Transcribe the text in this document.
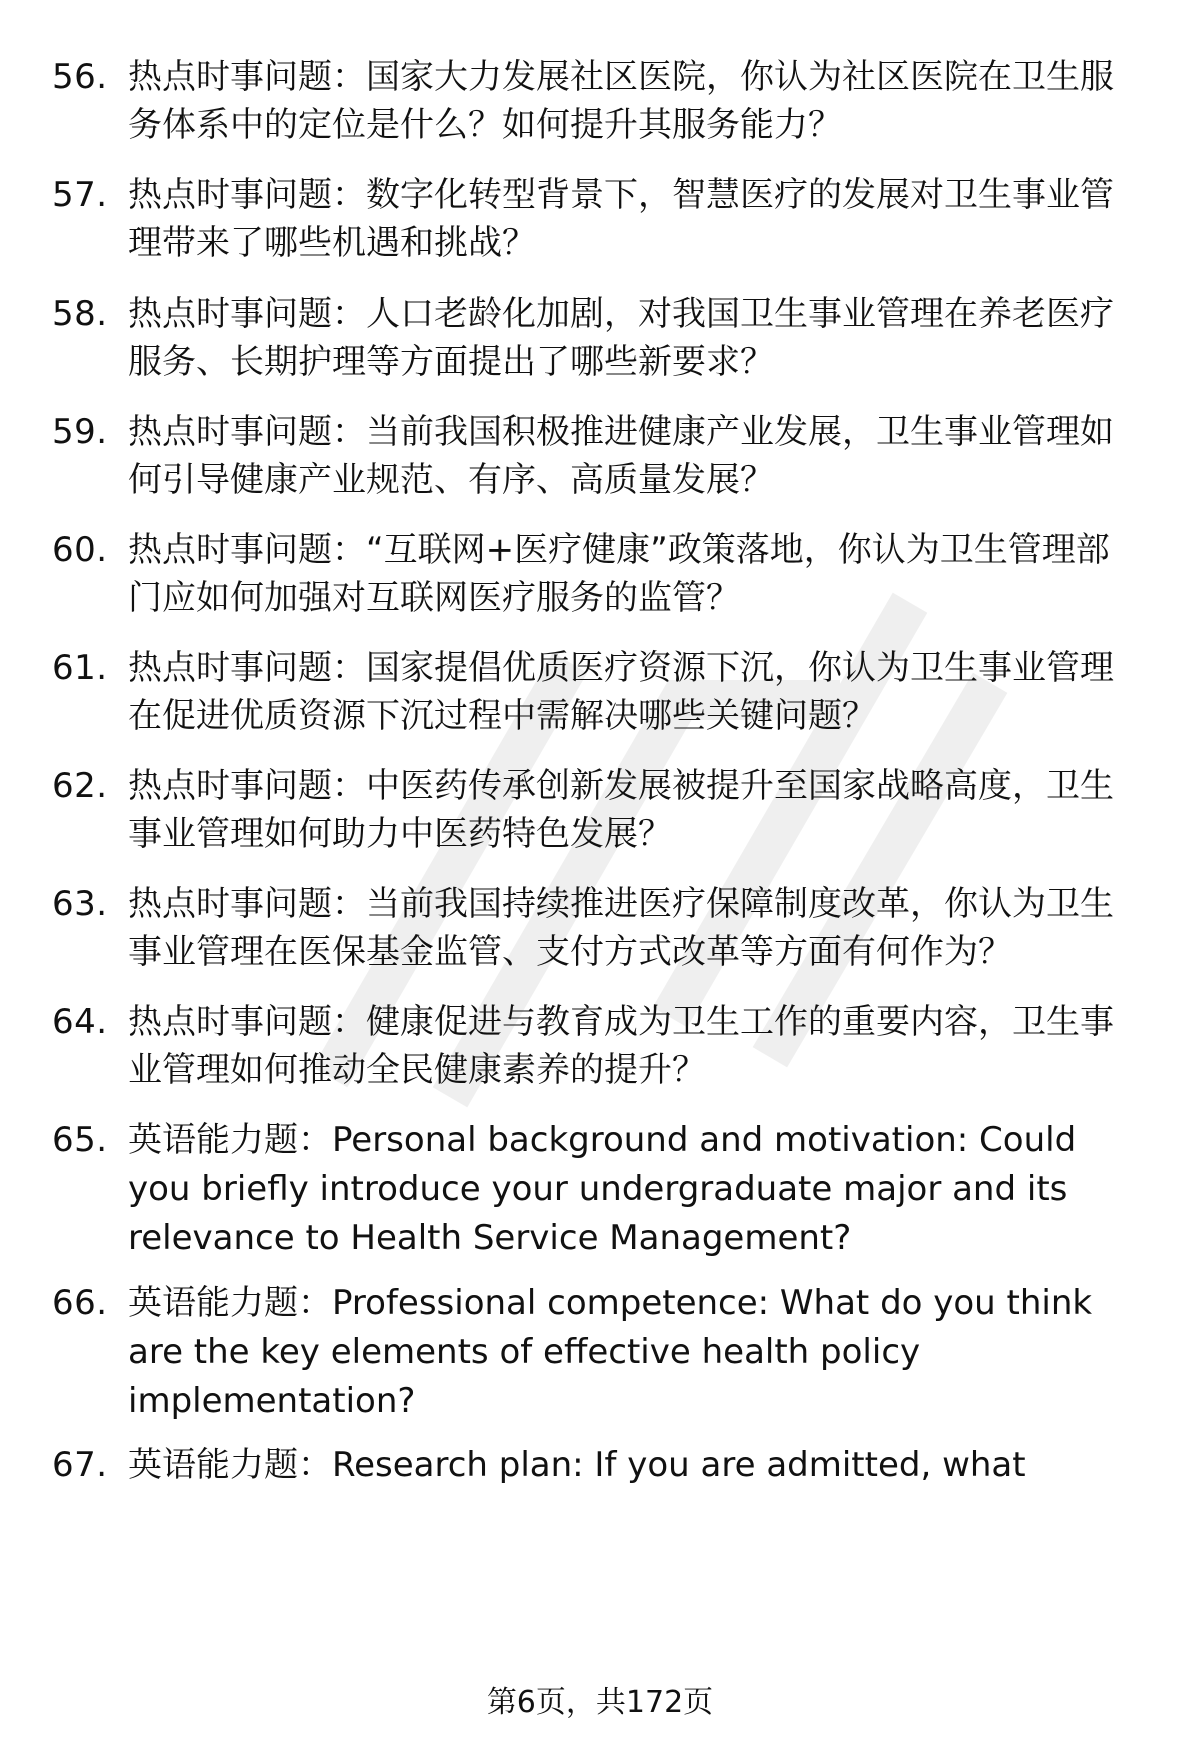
56. 热点时事问题：国家大力发展社区医院，你认为社区医院在卫生服务体系中的定位是什么？如何提升其服务能力？
57. 热点时事问题：数字化转型背景下，智慧医疗的发展对卫生事业管理带来了哪些机遇和挑战？
58. 热点时事问题：人口老龄化加剧，对我国卫生事业管理在养老医疗服务、长期护理等方面提出了哪些新要求？
59. 热点时事问题：当前我国积极推进健康产业发展，卫生事业管理如何引导健康产业规范、有序、高质量发展？
60. 热点时事问题：“互联网+医疗健康”政策落地，你认为卫生管理部门应如何加强对互联网医疗服务的监管？
61. 热点时事问题：国家提倡优质医疗资源下沉，你认为卫生事业管理在促进优质资源下沉过程中需解决哪些关键问题？
62. 热点时事问题：中医药传承创新发展被提升至国家战略高度，卫生事业管理如何助力中医药特色发展？
63. 热点时事问题：当前我国持续推进医疗保障制度改革，你认为卫生事业管理在医保基金监管、支付方式改革等方面有何作为？
64. 热点时事问题：健康促进与教育成为卫生工作的重要内容，卫生事业管理如何推动全民健康素养的提升？
65. 英语能力题：Personal background and motivation: Could you briefly introduce your undergraduate major and its relevance to Health Service Management?
66. 英语能力题：Professional competence: What do you think are the key elements of effective health policy implementation?
67. 英语能力题：Research plan: If you are admitted, what
第6页，共172页
